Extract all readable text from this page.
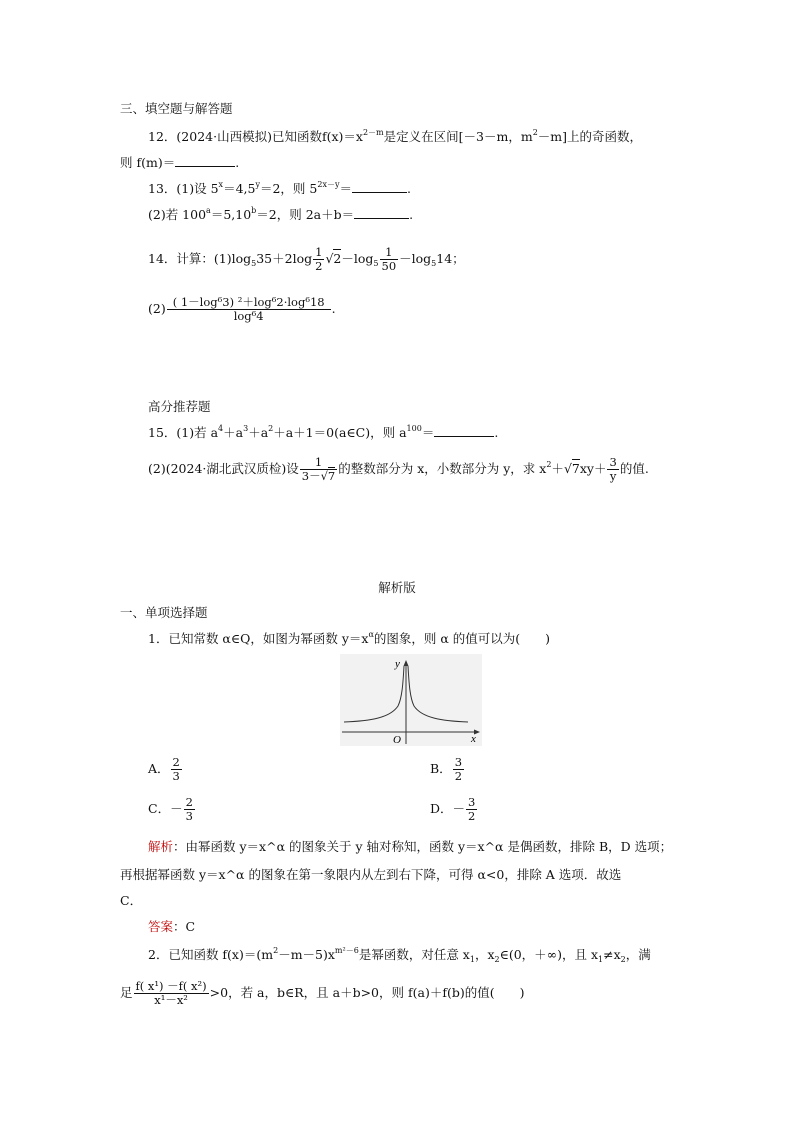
三、填空题与解答题
12．(2024·山西模拟)已知函数$f(x)=x^{2-m}$是定义在区间[－3－m，$m^2-m$]上的奇函数，
则 f(m)＝	.
13．(1)设 $5^x=4,5^y=2$，则 $5^{2x-y}=$	.
(2)若 $100^a=5,10^b=2$，则 2a＋b＝	.
14．计算：$(1)\log_535+2\log \frac{1}{2} √2-\log_5 \frac{1}{50} -\log_514$；
$(2) \frac{\text{( 1－log⁶3) ²＋log⁶2·log⁶18}}{\text{log⁶4}}$ .
高分推荐题
15．(1)若 $a^4+a^3+a^2+a+1=0(a\in C)$，则 $a^{100}=$	.
(2)(2024·湖北武汉质检)设 $\frac{1}{3-√7}$ 的整数部分为 x，小数部分为 y，求 $x^2+√7xy+ \frac{3}{y}$ 的值.
解析版
一、单项选择题
1．已知常数 α∈Q，如图为幂函数 $y=x^\alpha$的图象，则 α 的值可以为(　　)
y
x
O
A． $\frac{2}{3}$	B． $\frac{3}{2}$
C．－ $\frac{2}{3}$	D．－ $\frac{3}{2}$
解析：由幂函数 y＝x^α 的图象关于 y 轴对称知，函数 y＝x^α 是偶函数，排除 B，D 选项；
再根据幂函数 y＝x^α 的图象在第一象限内从左到右下降，可得 α<0，排除 A 选项．故选
C．
答案：C
2．已知函数 $f(x)=(m^2-m-5)x^{m^2-6}$是幂函数，对任意 $x_1$，$x_2\in(0$，＋∞)，且 $x_1\ne x_2$，满
足 $\frac{\text{f( x¹) －f( x²)}}{\text{x¹－x²}} >0$，若 a，b∈R，且 a＋b>0，则 f(a)＋f(b)的值(　　)
